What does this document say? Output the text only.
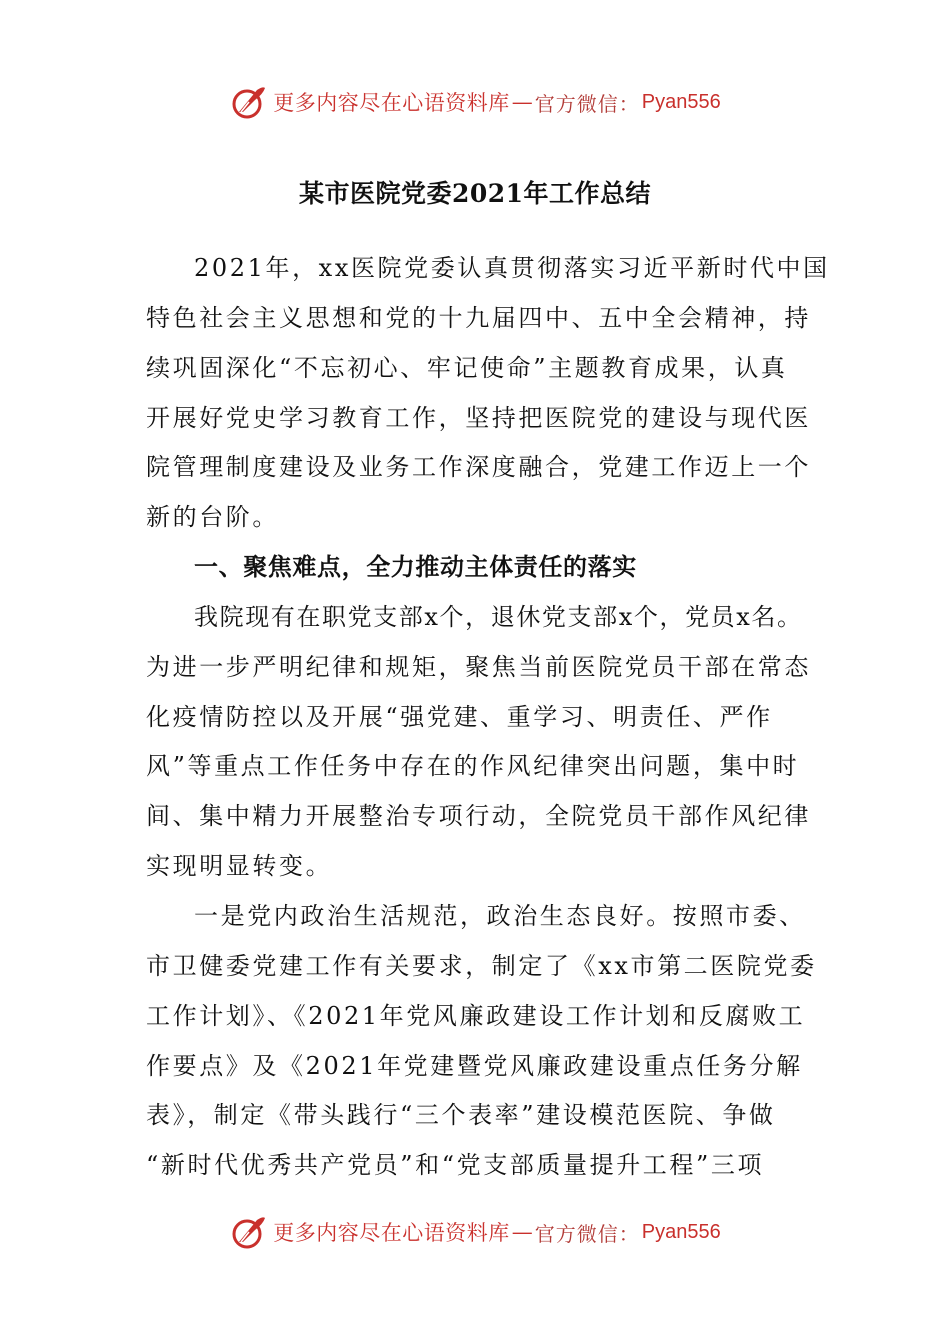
更多内容尽在心语资料库 — 官方微信： Pyan556
某市医院党委2021年工作总结
2021年，xx医院党委认真贯彻落实习近平新时代中国
特色社会主义思想和党的十九届四中、五中全会精神，持
续巩固深化“不忘初心、牢记使命”主题教育成果，认真
开展好党史学习教育工作，坚持把医院党的建设与现代医
院管理制度建设及业务工作深度融合，党建工作迈上一个
新的台阶。
一、聚焦难点，全力推动主体责任的落实
我院现有在职党支部x个，退休党支部x个，党员x名。
为进一步严明纪律和规矩，聚焦当前医院党员干部在常态
化疫情防控以及开展“强党建、重学习、明责任、严作
风”等重点工作任务中存在的作风纪律突出问题，集中时
间、集中精力开展整治专项行动，全院党员干部作风纪律
实现明显转变。
一是党内政治生活规范，政治生态良好。按照市委、
市卫健委党建工作有关要求，制定了《xx市第二医院党委
工作计划》、《2021年党风廉政建设工作计划和反腐败工
作要点》及《2021年党建暨党风廉政建设重点任务分解
表》，制定《带头践行“三个表率”建设模范医院、争做
“新时代优秀共产党员”和“党支部质量提升工程”三项
更多内容尽在心语资料库 — 官方微信： Pyan556
